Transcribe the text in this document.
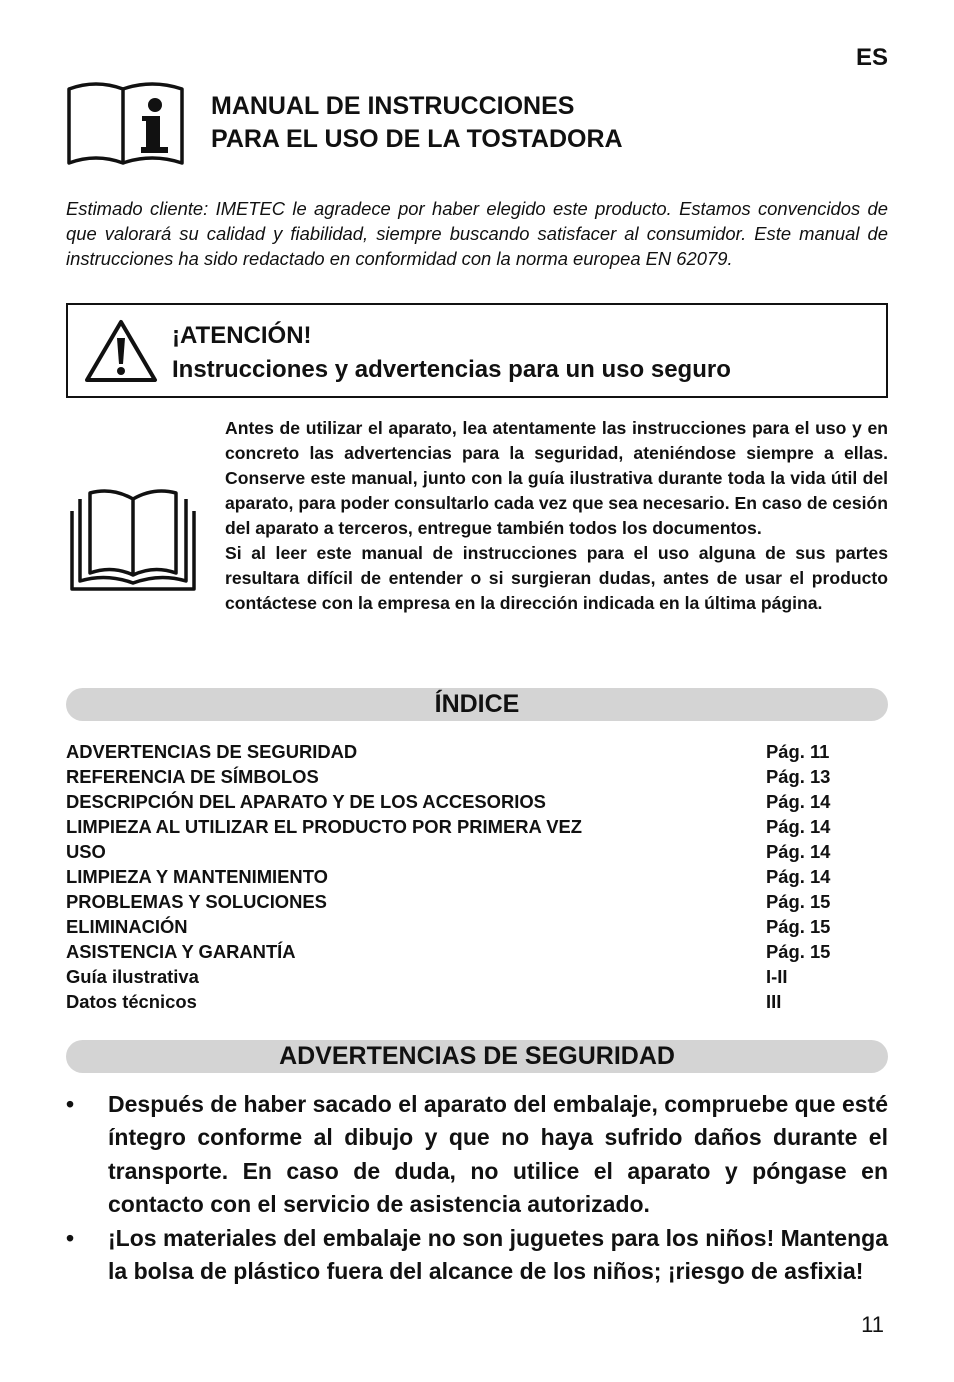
ES
MANUAL DE INSTRUCCIONES
PARA EL USO DE LA TOSTADORA

Estimado cliente: IMETEC le agradece por haber elegido este producto. Estamos convencidos de que valorará su calidad y fiabilidad, siempre buscando satisfacer al consumidor. Este manual de instrucciones ha sido redactado en conformidad con la norma europea EN 62079.

¡ATENCIÓN!
Instrucciones y advertencias para un uso seguro

Antes de utilizar el aparato, lea atentamente las instrucciones para el uso y en concreto las advertencias para la seguridad, ateniéndose siempre a ellas. Conserve este manual, junto con la guía ilustrativa durante toda la vida útil del aparato, para poder consultarlo cada vez que sea necesario. En caso de cesión del aparato a terceros, entregue también todos los documentos.

Si al leer este manual de instrucciones para el uso alguna de sus partes resultara difícil de entender o si surgieran dudas, antes de usar el producto contáctese con la empresa en la dirección indicada en la última página.

ÍNDICE
ADVERTENCIAS DE SEGURIDAD	Pág. 11
REFERENCIA DE SÍMBOLOS	Pág. 13
DESCRIPCIÓN DEL APARATO Y DE LOS ACCESORIOS	Pág. 14
LIMPIEZA AL UTILIZAR EL PRODUCTO POR PRIMERA VEZ	Pág. 14
USO	Pág. 14
LIMPIEZA Y MANTENIMIENTO	Pág. 14
PROBLEMAS Y SOLUCIONES	Pág. 15
ELIMINACIÓN	Pág. 15
ASISTENCIA Y GARANTÍA	Pág. 15
Guía ilustrativa	I-II
Datos técnicos	III
ADVERTENCIAS DE SEGURIDAD
• Después de haber sacado el aparato del embalaje, compruebe que esté íntegro conforme al dibujo y que no haya sufrido daños durante el transporte. En caso de duda, no utilice el aparato y póngase en contacto con el servicio de asistencia autorizado.
• ¡Los materiales del embalaje no son juguetes para los niños! Mantenga la bolsa de plástico fuera del alcance de los niños; ¡riesgo de asfixia!
11
